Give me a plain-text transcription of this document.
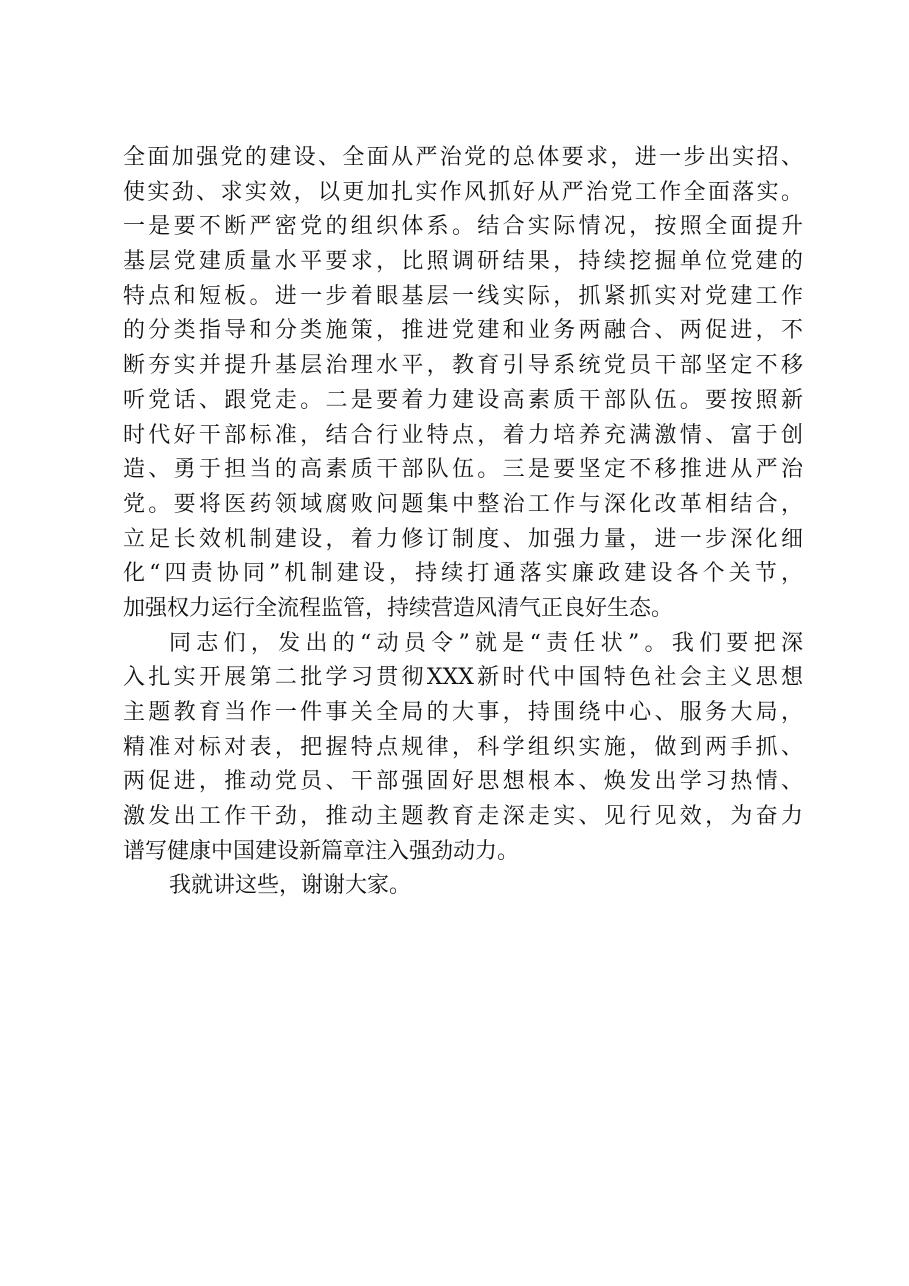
全面加强党的建设、全面从严治党的总体要求，进一步出实招、
使实劲、求实效，以更加扎实作风抓好从严治党工作全面落实。
一是要不断严密党的组织体系。结合实际情况，按照全面提升
基层党建质量水平要求，比照调研结果，持续挖掘单位党建的
特点和短板。进一步着眼基层一线实际，抓紧抓实对党建工作
的分类指导和分类施策，推进党建和业务两融合、两促进，不
断夯实并提升基层治理水平，教育引导系统党员干部坚定不移
听党话、跟党走。二是要着力建设高素质干部队伍。要按照新
时代好干部标准，结合行业特点，着力培养充满激情、富于创
造、勇于担当的高素质干部队伍。三是要坚定不移推进从严治
党。要将医药领域腐败问题集中整治工作与深化改革相结合，
立足长效机制建设，着力修订制度、加强力量，进一步深化细
化“四责协同”机制建设，持续打通落实廉政建设各个关节，
加强权力运行全流程监管，持续营造风清气正良好生态。
同志们，发出的“动员令”就是“责任状”。我们要把深
入扎实开展第二批学习贯彻XXX新时代中国特色社会主义思想
主题教育当作一件事关全局的大事，持围绕中心、服务大局，
精准对标对表，把握特点规律，科学组织实施，做到两手抓、
两促进，推动党员、干部强固好思想根本、焕发出学习热情、
激发出工作干劲，推动主题教育走深走实、见行见效，为奋力
谱写健康中国建设新篇章注入强劲动力。
我就讲这些，谢谢大家。
